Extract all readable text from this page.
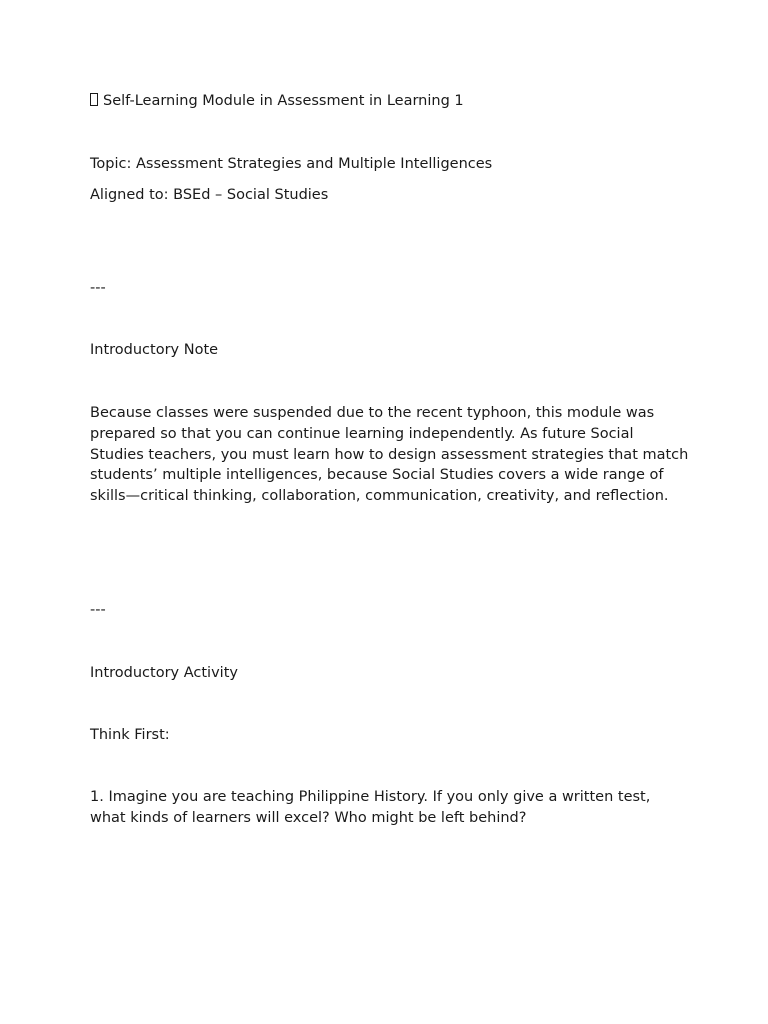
Self-Learning Module in Assessment in Learning 1
Topic: Assessment Strategies and Multiple Intelligences
Aligned to: BSEd – Social Studies
---
Introductory Note
Because classes were suspended due to the recent typhoon, this module was prepared so that you can continue learning independently. As future Social Studies teachers, you must learn how to design assessment strategies that match students’ multiple intelligences, because Social Studies covers a wide range of skills—critical thinking, collaboration, communication, creativity, and reflection.
---
Introductory Activity
Think First:
1. Imagine you are teaching Philippine History. If you only give a written test, what kinds of learners will excel? Who might be left behind?
